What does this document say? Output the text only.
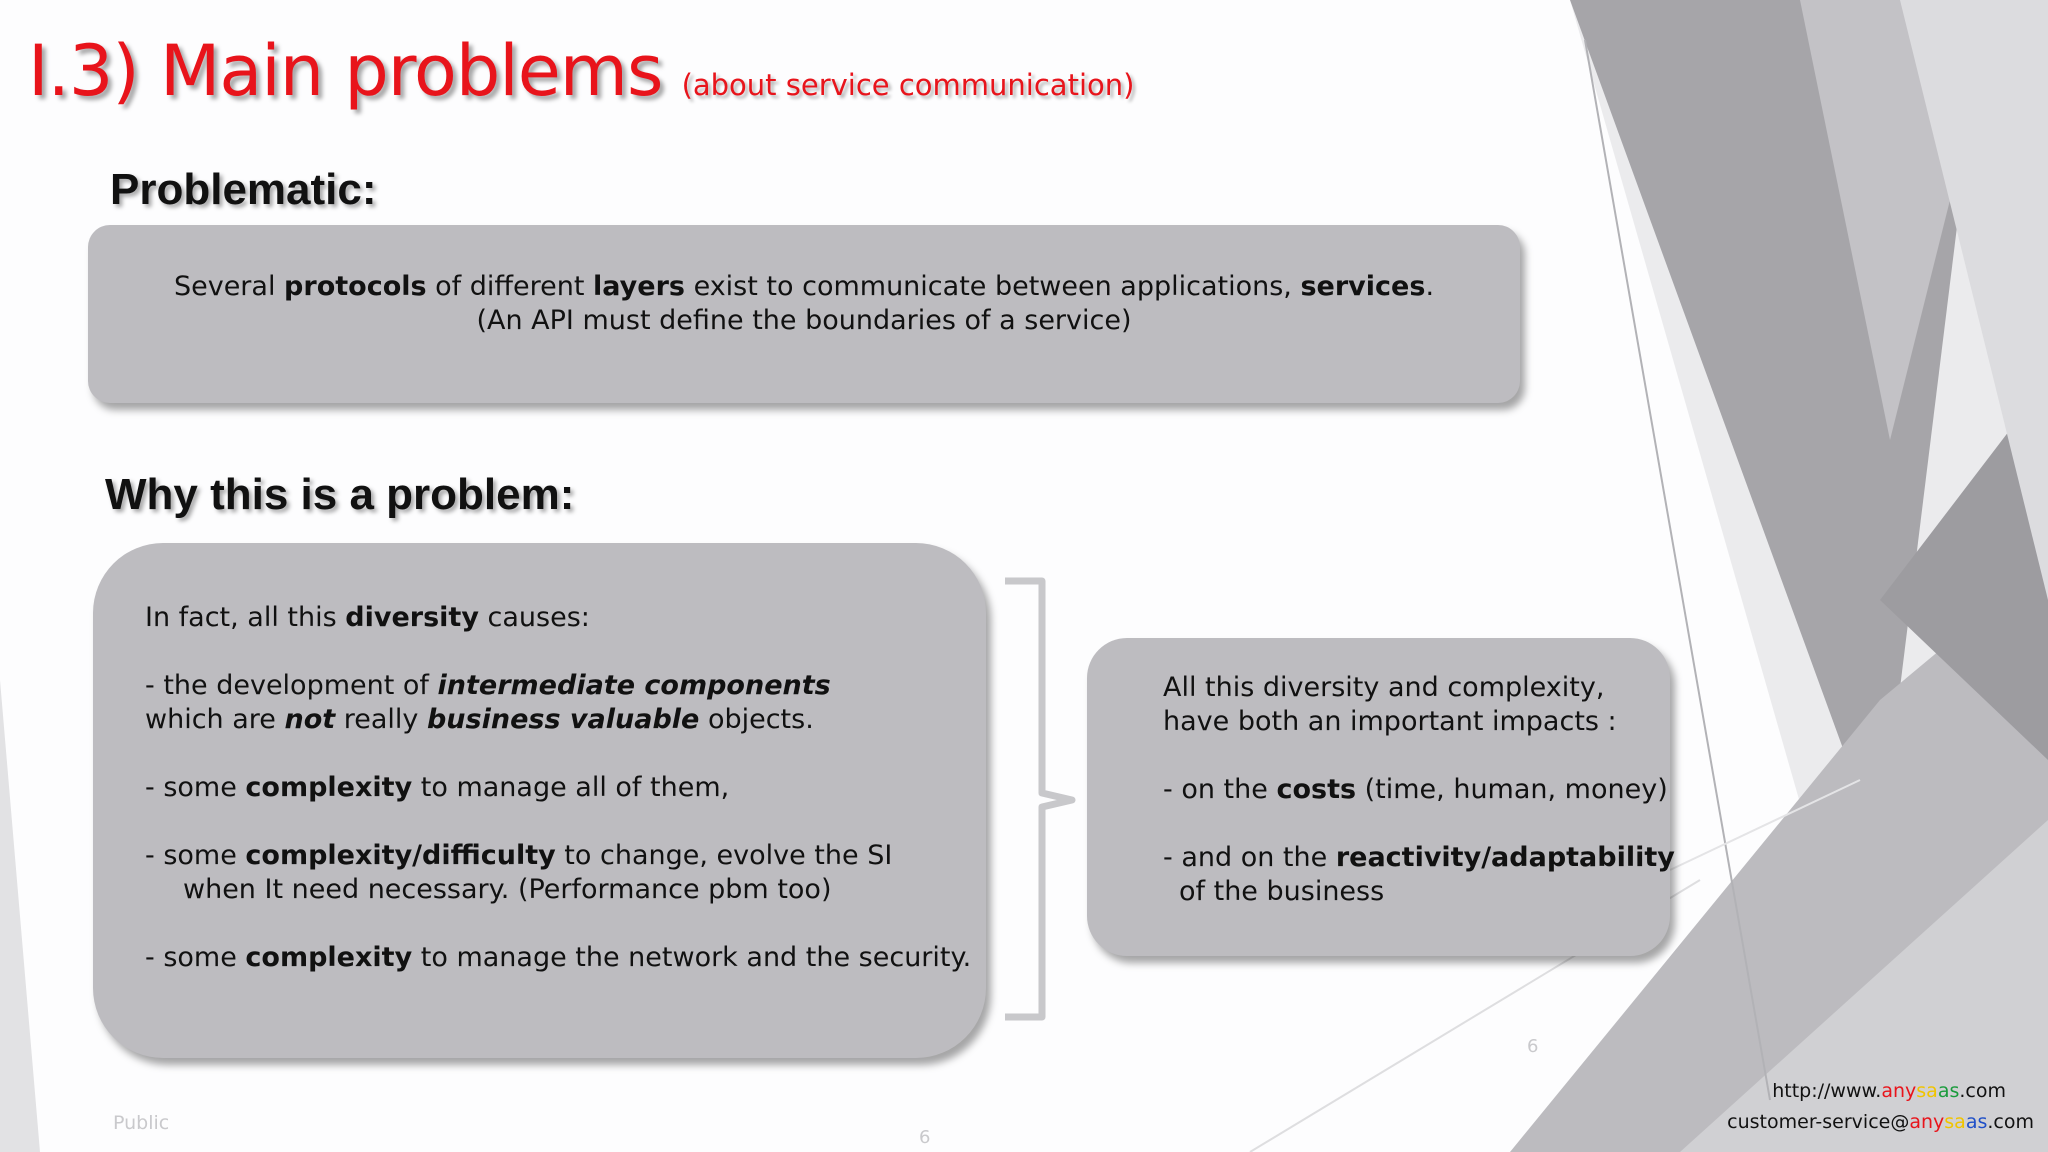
I.3) Main problems (about service communication)
Problematic:
Several protocols of different layers exist to communicate between applications, services.
(An API must define the boundaries of a service)
Why this is a problem:
In fact, all this diversity causes:
- the development of intermediate components
which are not really business valuable objects.
- some complexity to manage all of them,
- some complexity/difficulty to change, evolve the SI
when It need necessary. (Performance pbm too)
- some complexity to manage the network and the security.
All this diversity and complexity,
have both an important impacts :
- on the costs (time, human, money)
- and on the reactivity/adaptability
of the business
Public
6
6
http://www.anysaas.com
customer-service@anysaas.com
